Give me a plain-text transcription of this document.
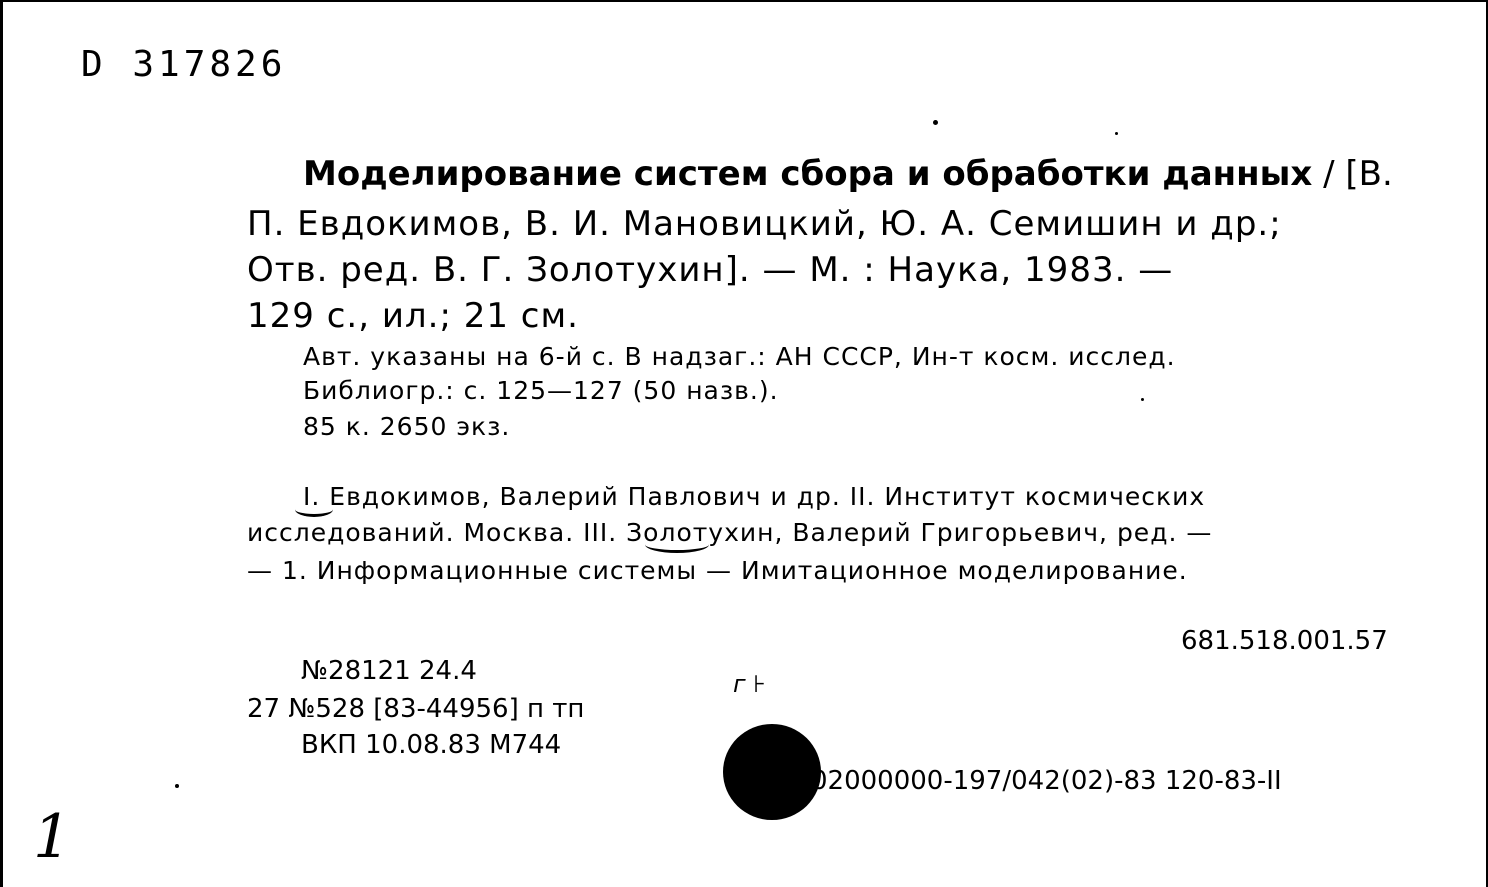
D 317826
Моделирование систем сбора и обработки данных / [В.
П. Евдокимов, В. И. Мановицкий, Ю. А. Семишин и др.;
Отв. ред. В. Г. Золотухин]. — М. : Наука, 1983. —
129 с., ил.; 21 см.
Авт. указаны на 6-й с. В надзаг.: АН СССР, Ин-т косм. исслед.
Библиогр.: с. 125—127 (50 назв.).
85 к. 2650 экз.
I. Евдокимов, Валерий Павлович и др. II. Институт космических
исследований. Москва. III. Золотухин, Валерий Григорьевич, ред. —
— 1. Информационные системы — Имитационное моделирование.
681.518.001.57
№28121 24.4
27 №528 [83-44956] п тп
ВКП 10.08.83 М744
г ⊦
02000000-197/042(02)-83 120-83-II
1
